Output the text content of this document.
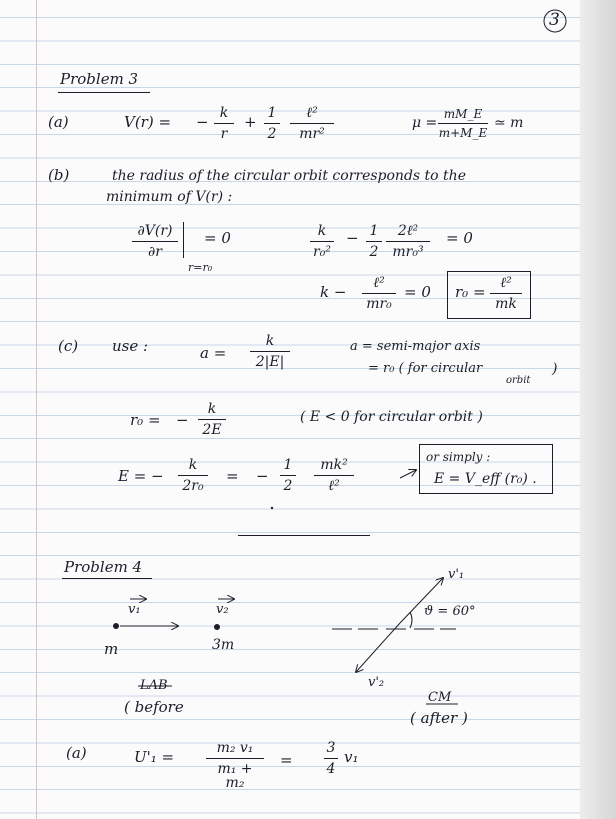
3
Problem 3
(a)	V(r) = − $\frac{k}{r} + \frac{1}{2}$	ℓ²
mr²
$\mu = \frac{mM\_E}{m+M\_E}$ ≃ m
(b)	the radius of the circular orbit corresponds to the
minimum of V(r) :
$\frac{\partial V(r)}{\partial r}$
r=r₀
= 0	$\frac{k}{\text{r₀²}} - \frac{1}{2}$	2ℓ²
mr₀³
= 0
k −	ℓ²
mr₀
= 0 r₀ =	ℓ²
mk
(c) use :	$a = \frac{k}{2|E|}$	a = semi-major axis
= r₀ ( for circular
orbit
)
r₀ = − $\frac{k}{2E}$	( E < 0 for circular orbit )
E = − $\frac{k}{\text{2r₀}}$ = − $\frac{1}{2}$	mk²
ℓ²
or simply :
E = V_eff (r₀) .
Problem 4
v₁	v₂
m	3m
LAB
( before
v'₁
v'₂
ϑ = 60°
CM
( after )
(a)	$U'_1 = \frac{\text{m₂ v₁}}{\text{m₁ + m₂}} = \frac{3}{4} v_1$
